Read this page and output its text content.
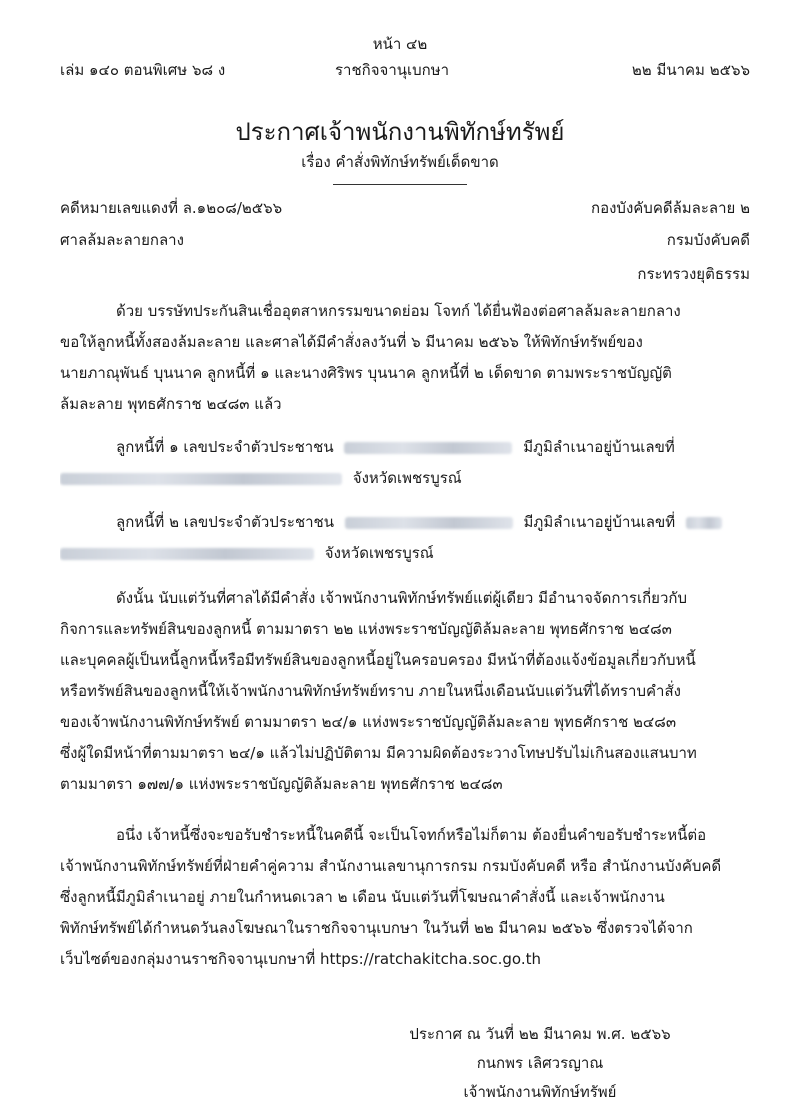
หน้า ๔๒
เล่ม ๑๔๐ ตอนพิเศษ ๖๘ ง	ราชกิจจานุเบกษา	๒๒ มีนาคม ๒๕๖๖
ประกาศเจ้าพนักงานพิทักษ์ทรัพย์
เรื่อง คำสั่งพิทักษ์ทรัพย์เด็ดขาด
คดีหมายเลขแดงที่ ล.๑๒๐๘/๒๕๖๖
ศาลล้มละลายกลาง
กองบังคับคดีล้มละลาย ๒
กรมบังคับคดี
กระทรวงยุติธรรม
ด้วย บรรษัทประกันสินเชื่ออุตสาหกรรมขนาดย่อม โจทก์ ได้ยื่นฟ้องต่อศาลล้มละลายกลาง
ขอให้ลูกหนี้ทั้งสองล้มละลาย และศาลได้มีคำสั่งลงวันที่ ๖ มีนาคม ๒๕๖๖ ให้พิทักษ์ทรัพย์ของ
นายภาณุพันธ์ บุนนาค ลูกหนี้ที่ ๑ และนางศิริพร บุนนาค ลูกหนี้ที่ ๒ เด็ดขาด ตามพระราชบัญญัติ
ล้มละลาย พุทธศักราช ๒๔๘๓ แล้ว
ลูกหนี้ที่ ๑ เลขประจำตัวประชาชน	มีภูมิลำเนาอยู่บ้านเลขที่
จังหวัดเพชรบูรณ์
ลูกหนี้ที่ ๒ เลขประจำตัวประชาชน	มีภูมิลำเนาอยู่บ้านเลขที่
จังหวัดเพชรบูรณ์
ดังนั้น นับแต่วันที่ศาลได้มีคำสั่ง เจ้าพนักงานพิทักษ์ทรัพย์แต่ผู้เดียว มีอำนาจจัดการเกี่ยวกับ
กิจการและทรัพย์สินของลูกหนี้ ตามมาตรา ๒๒ แห่งพระราชบัญญัติล้มละลาย พุทธศักราช ๒๔๘๓
และบุคคลผู้เป็นหนี้ลูกหนี้หรือมีทรัพย์สินของลูกหนี้อยู่ในครอบครอง มีหน้าที่ต้องแจ้งข้อมูลเกี่ยวกับหนี้
หรือทรัพย์สินของลูกหนี้ให้เจ้าพนักงานพิทักษ์ทรัพย์ทราบ ภายในหนึ่งเดือนนับแต่วันที่ได้ทราบคำสั่ง
ของเจ้าพนักงานพิทักษ์ทรัพย์ ตามมาตรา ๒๔/๑ แห่งพระราชบัญญัติล้มละลาย พุทธศักราช ๒๔๘๓
ซึ่งผู้ใดมีหน้าที่ตามมาตรา ๒๔/๑ แล้วไม่ปฏิบัติตาม มีความผิดต้องระวางโทษปรับไม่เกินสองแสนบาท
ตามมาตรา ๑๗๗/๑ แห่งพระราชบัญญัติล้มละลาย พุทธศักราช ๒๔๘๓
อนึ่ง เจ้าหนี้ซึ่งจะขอรับชำระหนี้ในคดีนี้ จะเป็นโจทก์หรือไม่ก็ตาม ต้องยื่นคำขอรับชำระหนี้ต่อ
เจ้าพนักงานพิทักษ์ทรัพย์ที่ฝ่ายคำคู่ความ สำนักงานเลขานุการกรม กรมบังคับคดี หรือ สำนักงานบังคับคดี
ซึ่งลูกหนี้มีภูมิลำเนาอยู่ ภายในกำหนดเวลา ๒ เดือน นับแต่วันที่โฆษณาคำสั่งนี้ และเจ้าพนักงาน
พิทักษ์ทรัพย์ได้กำหนดวันลงโฆษณาในราชกิจจานุเบกษา ในวันที่ ๒๒ มีนาคม ๒๕๖๖ ซึ่งตรวจได้จาก
เว็บไซต์ของกลุ่มงานราชกิจจานุเบกษาที่ https://ratchakitcha.soc.go.th
ประกาศ ณ วันที่ ๒๒ มีนาคม พ.ศ. ๒๕๖๖
กนกพร เลิศวรญาณ
เจ้าพนักงานพิทักษ์ทรัพย์
